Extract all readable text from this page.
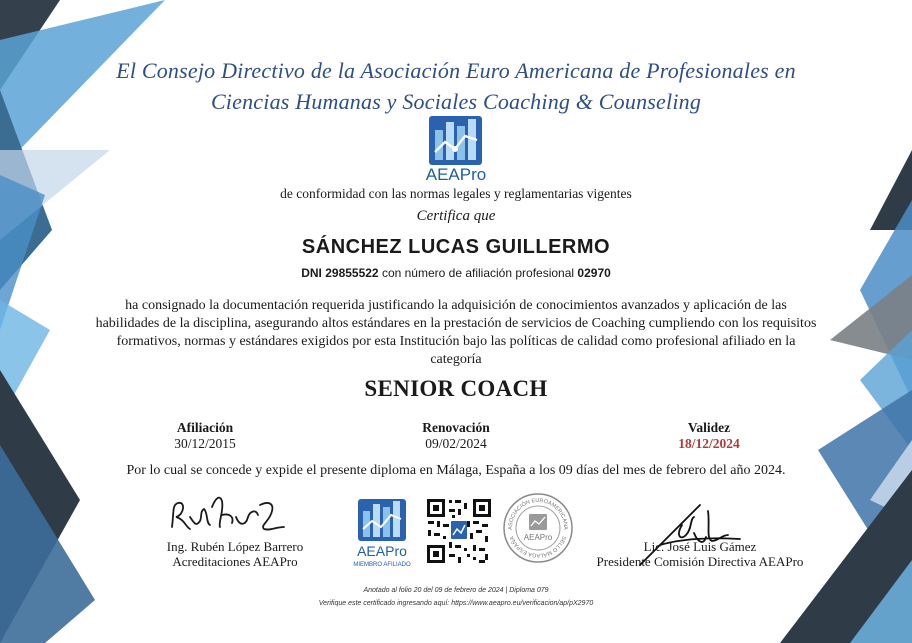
El Consejo Directivo de la Asociación Euro Americana de Profesionales en
Ciencias Humanas y Sociales Coaching & Counseling
AEAPro
de conformidad con las normas legales y reglamentarias vigentes
Certifica que
SÁNCHEZ LUCAS GUILLERMO
DNI 29855522 con número de afiliación profesional 02970
ha consignado la documentación requerida justificando la adquisición de conocimientos avanzados y aplicación de las habilidades de la disciplina, asegurando altos estándares en la prestación de servicios de Coaching cumpliendo con los requisitos formativos, normas y estándares exigidos por esta Institución bajo las políticas de calidad como profesional afiliado en la categoría
SENIOR COACH
Afiliación
30/12/2015
Renovación
09/02/2024
Validez
18/12/2024
Por lo cual se concede y expide el presente diploma en Málaga, España a los 09 días del mes de febrero del año 2024.
Ing. Rubén López Barrero
Acreditaciones AEAPro
AEAPro
MIEMBRO AFILIADO
ASOCIACIÓN EUROAMERICANA
SELLO MÁLAGA ESPAÑA AEAPro
Lic. José Luis Gámez
Presidente Comisión Directiva AEAPro
Anotado al folio 20 del 09 de febrero de 2024 | Diploma 079
Verifique este certificado ingresando aquí: https://www.aeapro.eu/verificacion/ap/pX2970
